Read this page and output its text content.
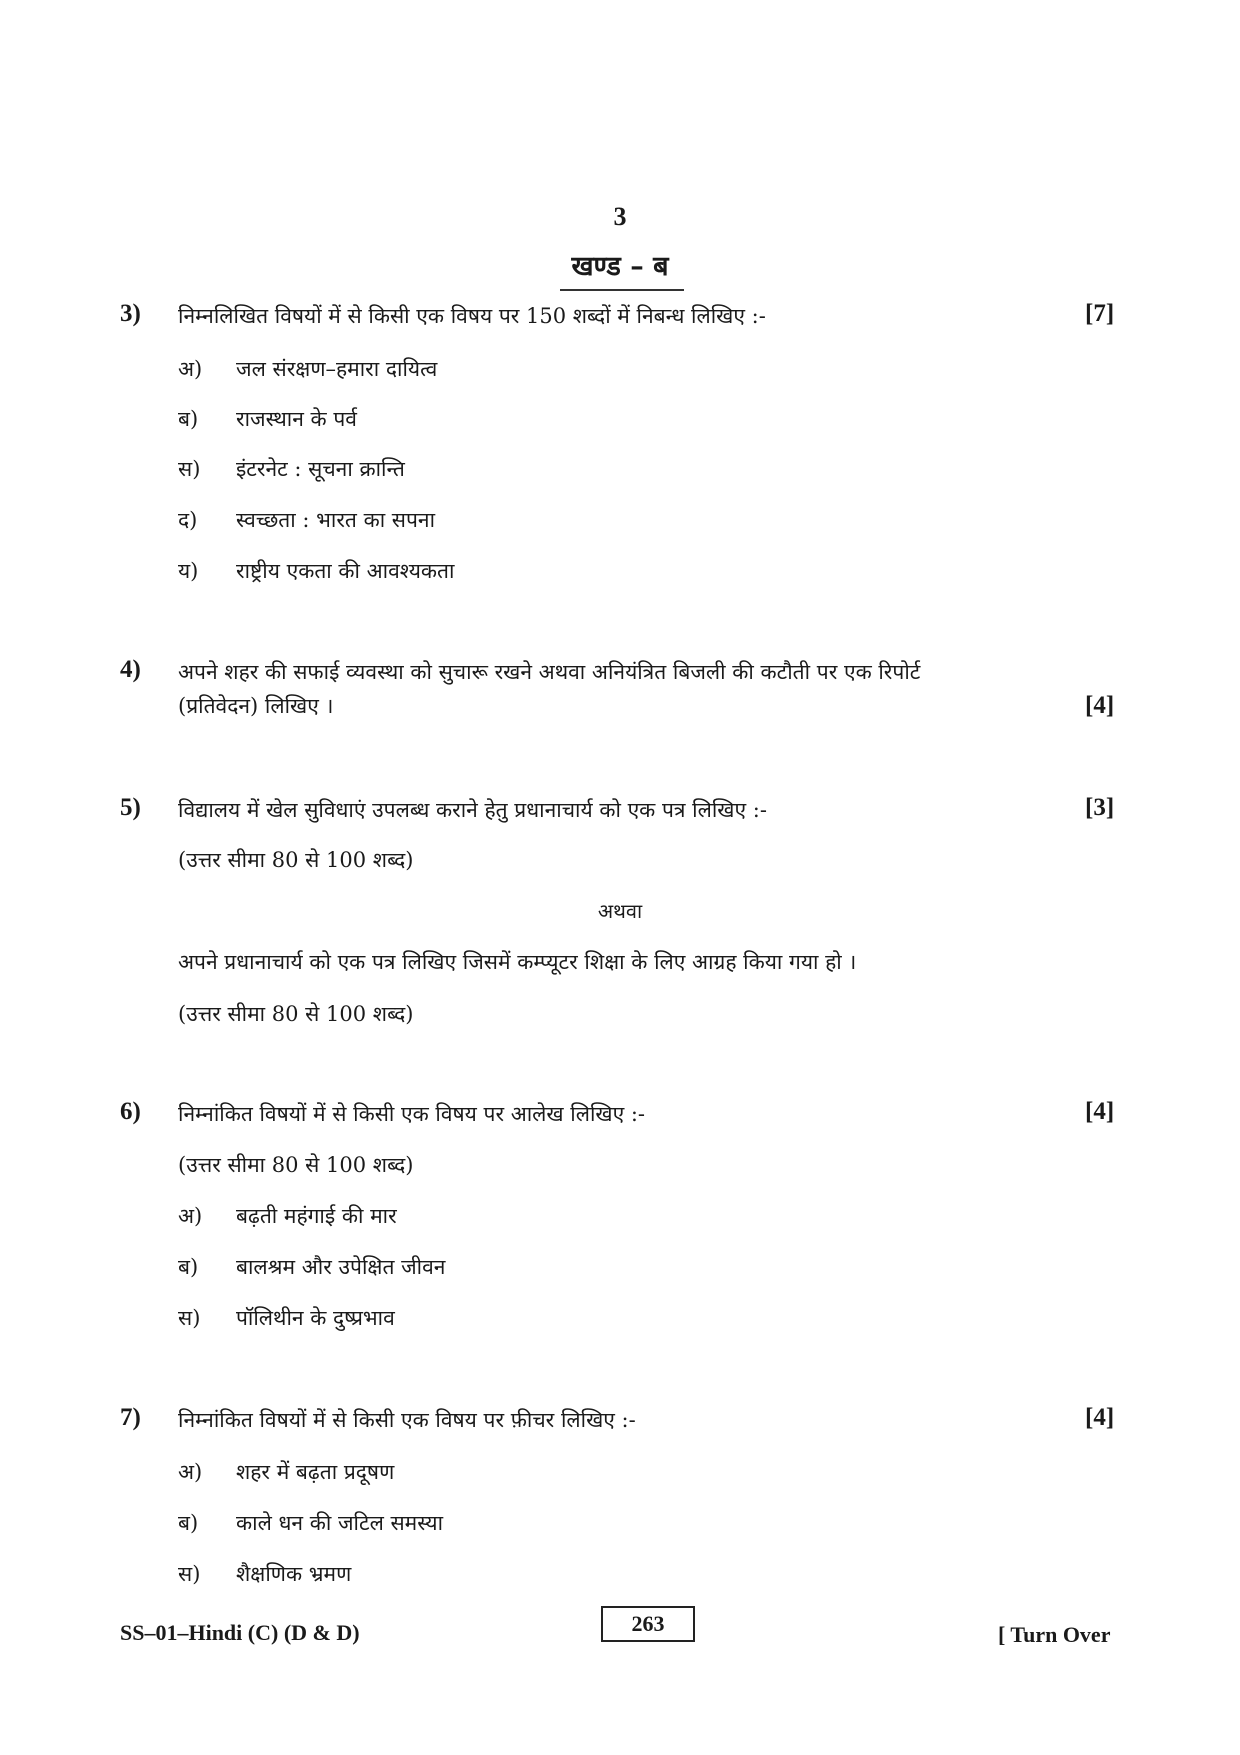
3
खण्ड – ब
3) निम्नलिखित विषयों में से किसी एक विषय पर 150 शब्दों में निबन्ध लिखिए :-	[7]
अ) जल संरक्षण–हमारा दायित्व
ब) राजस्थान के पर्व
स) इंटरनेट : सूचना क्रान्ति
द) स्वच्छता : भारत का सपना
य) राष्ट्रीय एकता की आवश्यकता
4) अपने शहर की सफाई व्यवस्था को सुचारू रखने अथवा अनियंत्रित बिजली की कटौती पर एक रिपोर्ट
(प्रतिवेदन) लिखिए ।	[4]
5) विद्यालय में खेल सुविधाएं उपलब्ध कराने हेतु प्रधानाचार्य को एक पत्र लिखिए :-	[3]
(उत्तर सीमा 80 से 100 शब्द)
अथवा
अपने प्रधानाचार्य को एक पत्र लिखिए जिसमें कम्प्यूटर शिक्षा के लिए आग्रह किया गया हो ।
(उत्तर सीमा 80 से 100 शब्द)
6) निम्नांकित विषयों में से किसी एक विषय पर आलेख लिखिए :-	[4]
(उत्तर सीमा 80 से 100 शब्द)
अ) बढ़ती महंगाई की मार
ब) बालश्रम और उपेक्षित जीवन
स) पॉलिथीन के दुष्प्रभाव
7) निम्नांकित विषयों में से किसी एक विषय पर फ़ीचर लिखिए :-	[4]
अ) शहर में बढ़ता प्रदूषण
ब) काले धन की जटिल समस्या
स) शैक्षणिक भ्रमण
SS–01–Hindi (C) (D & D)	263	[ Turn Over
